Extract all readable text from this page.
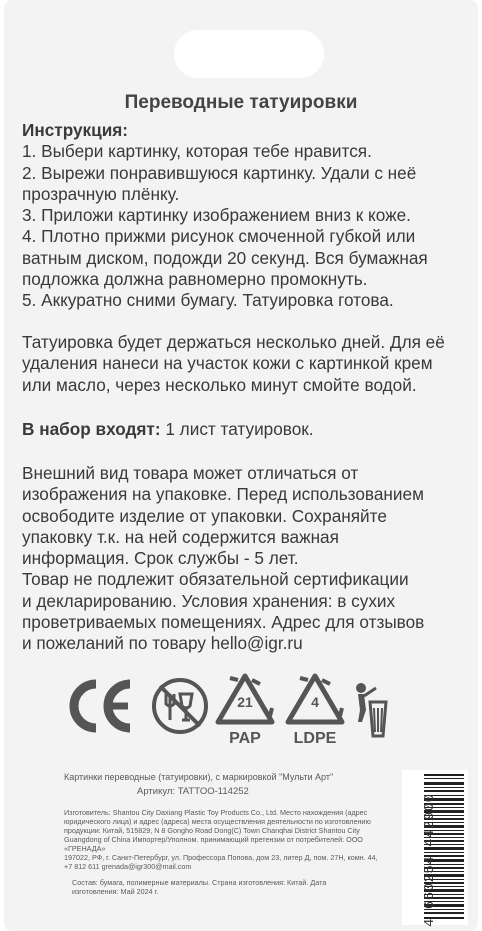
Переводные татуировки

Инструкция:

1. Выбери картинку, которая тебе нравится.

2. Вырежи понравившуюся картинку. Удали с неё

прозрачную плёнку.

3. Приложи картинку изображением вниз к коже.

4. Плотно прижми рисунок смоченной губкой или

ватным диском, подожди 20 секунд. Вся бумажная

подложка должна равномерно промокнуть.

5. Аккуратно сними бумагу. Татуировка готова.

Татуировка будет держаться несколько дней. Для её

удаления нанеси на участок кожи с картинкой крем

или масло, через несколько минут смойте водой.

В набор входят: 1 лист татуировок.

Внешний вид товара может отличаться от

изображения на упаковке. Перед использованием

освободите изделие от упаковки. Сохраняйте

упаковку т.к. на ней содержится важная

информация. Срок службы - 5 лет.

Товар не подлежит обязательной сертификации

и декларированию. Условия хранения: в сухих

проветриваемых помещениях. Адрес для отзывов

и пожеланий по товару hello@igr.ru

21
PAP
4
LDPE
Картинки переводные (татуировки), с маркировкой "Мульти Арт"
Артикул: TATTOO-114252
Изготовитель: Shantou City Daxiang Plastic Toy Products Co., Ltd. Место нахождения (адрес
юридического лица) и адрес (адреса) места осуществления деятельности по изготовлению
продукции: Китай, 515829, N 8 Gongho Road Dong(C) Town Chanqhai District Shantou City
Guangdong of China Импортер/Уполном. принимающий претензии от потребителей: ООО «ГРЕНАДА»
197022, РФ, г. Санкт-Петербург, ул. Профессора Попова, дом 23, литер Д, пом. 27Н, комн. 44,
+7 812 611 grenada@igr300@mail.com
Состав: бумага, полимерные материалы. Страна изготовления: Китай. Дата
изготовления: Май 2024 г.	4 660254 442900
